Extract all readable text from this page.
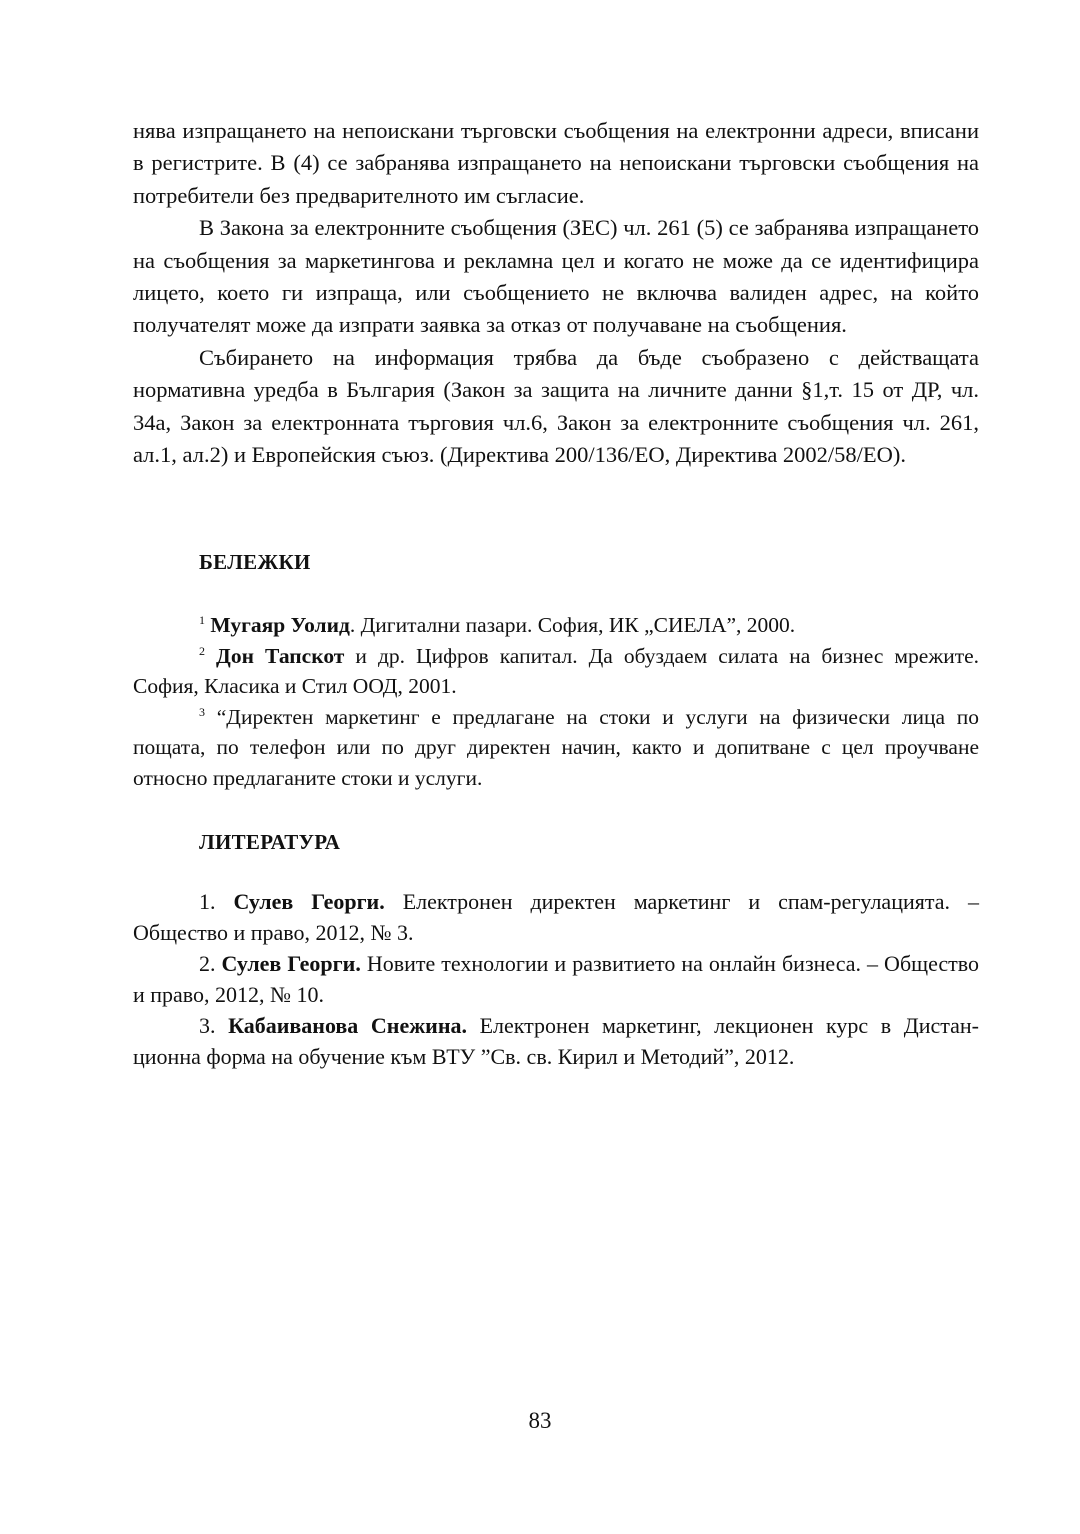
нява изпращането на непоискани търговски съобщения на електронни адреси, вписани в регистрите. В (4) се забранява изпращането на непоискани търговски съобщения на потребители без предварителното им съгласие.

В Закона за електронните съобщения (ЗЕС) чл. 261 (5) се забранява изпращането на съобщения за маркетингова и рекламна цел и когато не може да се идентифицира лицето, което ги изпраща, или съобщението не включва валиден адрес, на който получателят може да изпрати заявка за отказ от получаване на съобщения.

Събирането на информация трябва да бъде съобразено с действащата нормативна уредба в България (Закон за защита на личните данни §1,т. 15 от ДР, чл. 34а, Закон за електронната търговия чл.6, Закон за електронните съобщения чл. 261, ал.1, ал.2) и Европейския съюз. (Директива 200/136/ЕО, Директива 2002/58/ЕО).

БЕЛЕЖКИ

$^1$ Мугаяр Уолид. Дигитални пазари. София, ИК „СИЕЛА”, 2000.

$^2$ Дон Тапскот и др. Цифров капитал. Да обуздаем силата на бизнес мрежите. София, Класика и Стил ООД, 2001.

$^3$ “Директен маркетинг е предлагане на стоки и услуги на физически лица по пощата, по телефон или по друг директен начин, както и допитване с цел проучване относно предлаганите стоки и услуги.

ЛИТЕРАТУРА

1. Сулев Георги. Електронен директен маркетинг и спам-регулацията. – Общество и право, 2012, № 3.

2. Сулев Георги. Новите технологии и развитието на онлайн бизнеса. – Общество и право, 2012, № 10.

3. Кабаиванова Снежина. Електронен маркетинг, лекционен курс в Дистанционна форма на обучение към ВТУ ”Св. св. Кирил и Методий”, 2012.

83
